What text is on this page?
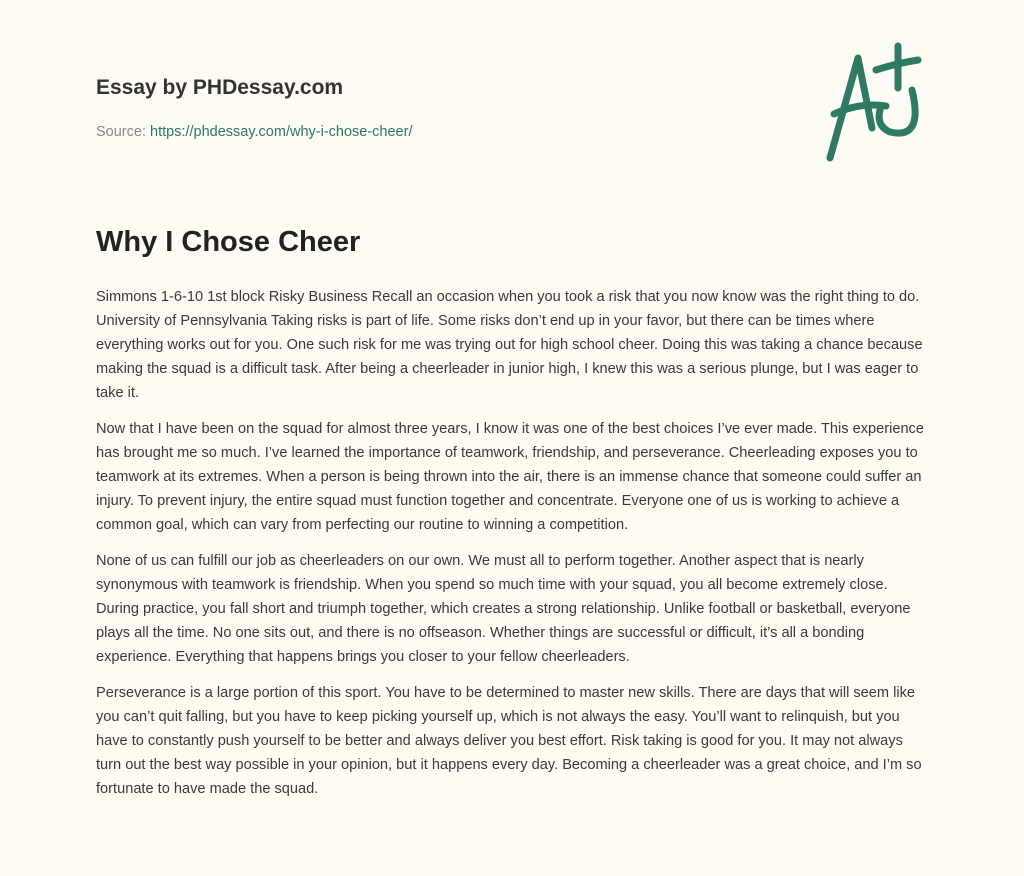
Essay by PHDessay.com
Source: https://phdessay.com/why-i-chose-cheer/
Why I Chose Cheer

Simmons 1-6-10 1st block Risky Business Recall an occasion when you took a risk that you now know was the right thing to do. University of Pennsylvania Taking risks is part of life. Some risks don’t end up in your favor, but there can be times where everything works out for you. One such risk for me was trying out for high school cheer. Doing this was taking a chance because making the squad is a difficult task. After being a cheerleader in junior high, I knew this was a serious plunge, but I was eager to take it.

Now that I have been on the squad for almost three years, I know it was one of the best choices I’ve ever made. This experience has brought me so much. I’ve learned the importance of teamwork, friendship, and perseverance. Cheerleading exposes you to teamwork at its extremes. When a person is being thrown into the air, there is an immense chance that someone could suffer an injury. To prevent injury, the entire squad must function together and concentrate. Everyone one of us is working to achieve a common goal, which can vary from perfecting our routine to winning a competition.

None of us can fulfill our job as cheerleaders on our own. We must all to perform together. Another aspect that is nearly synonymous with teamwork is friendship. When you spend so much time with your squad, you all become extremely close. During practice, you fall short and triumph together, which creates a strong relationship. Unlike football or basketball, everyone plays all the time. No one sits out, and there is no offseason. Whether things are successful or difficult, it’s all a bonding experience. Everything that happens brings you closer to your fellow cheerleaders.

Perseverance is a large portion of this sport. You have to be determined to master new skills. There are days that will seem like you can’t quit falling, but you have to keep picking yourself up, which is not always the easy. You’ll want to relinquish, but you have to constantly push yourself to be better and always deliver you best effort. Risk taking is good for you. It may not always turn out the best way possible in your opinion, but it happens every day. Becoming a cheerleader was a great choice, and I’m so fortunate to have made the squad.
